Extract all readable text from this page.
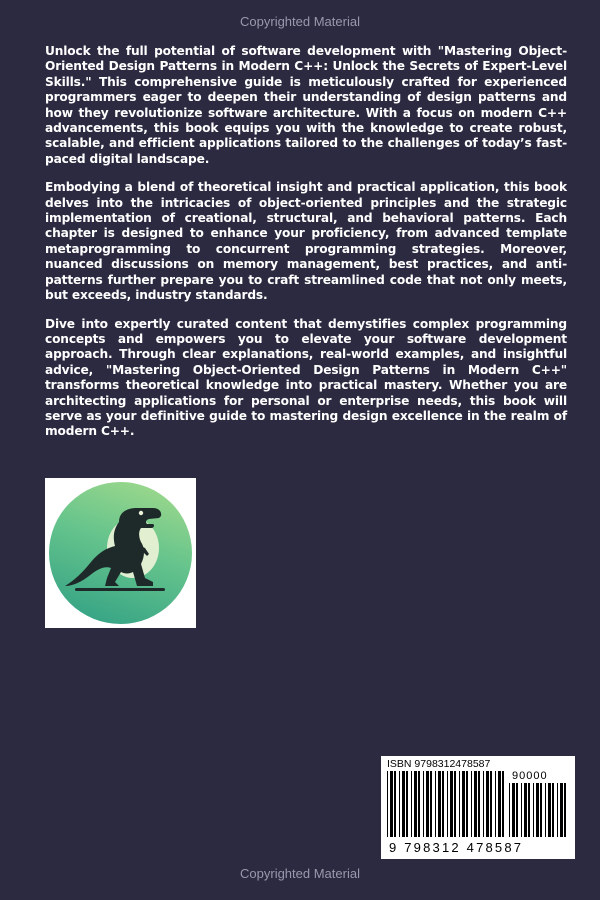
Copyrighted Material

Unlock the full potential of software development with "Mastering Object-Oriented Design Patterns in Modern C++: Unlock the Secrets of Expert-Level Skills." This comprehensive guide is meticulously crafted for experienced programmers eager to deepen their understanding of design patterns and how they revolutionize software architecture. With a focus on modern C++ advancements, this book equips you with the knowledge to create robust, scalable, and efficient applications tailored to the challenges of today’s fast-paced digital landscape.

Embodying a blend of theoretical insight and practical application, this book delves into the intricacies of object-oriented principles and the strategic implementation of creational, structural, and behavioral patterns. Each chapter is designed to enhance your proficiency, from advanced template metaprogramming to concurrent programming strategies. Moreover, nuanced discussions on memory management, best practices, and anti-patterns further prepare you to craft streamlined code that not only meets, but exceeds, industry standards.

Dive into expertly curated content that demystifies complex programming concepts and empowers you to elevate your software development approach. Through clear explanations, real-world examples, and insightful advice, "Mastering Object-Oriented Design Patterns in Modern C++" transforms theoretical knowledge into practical mastery. Whether you are architecting applications for personal or enterprise needs, this book will serve as your definitive guide to mastering design excellence in the realm of modern C++.

ISBN 9798312478587
90000
9 798312 478587
Copyrighted Material
